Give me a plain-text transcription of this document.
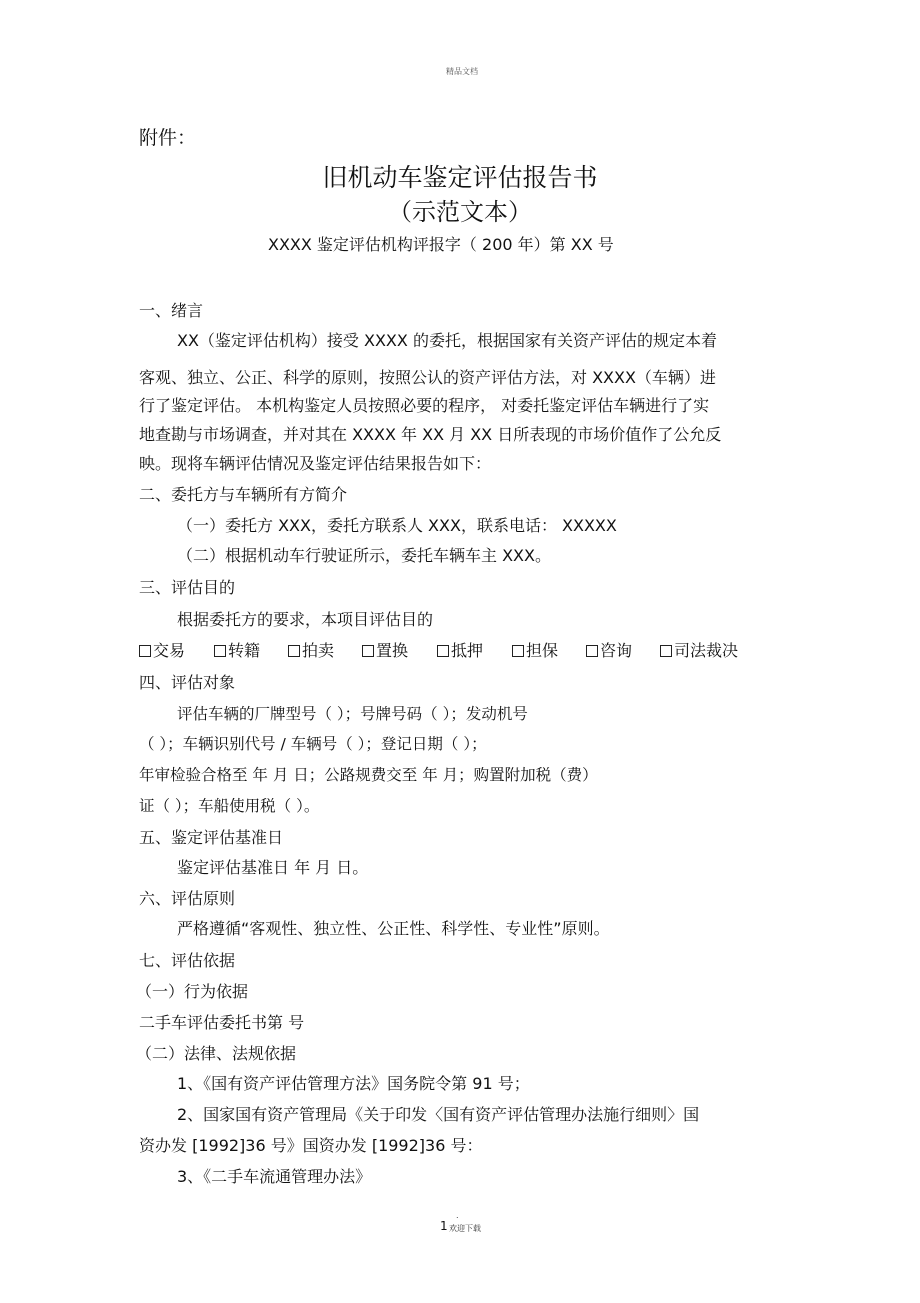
精品文档
附件：
旧机动车鉴定评估报告书
（示范文本）
XXXX 鉴定评估机构评报字（ 200 年）第 XX 号
一、绪言
XX（鉴定评估机构）接受 XXXX 的委托，根据国家有关资产评估的规定本着
客观、独立、公正、科学的原则，按照公认的资产评估方法，对 XXXX（车辆）进
行了鉴定评估。 本机构鉴定人员按照必要的程序， 对委托鉴定评估车辆进行了实
地查勘与市场调查，并对其在 XXXX 年 XX 月 XX 日所表现的市场价值作了公允反
映。现将车辆评估情况及鉴定评估结果报告如下：
二、委托方与车辆所有方简介
（一）委托方 XXX，委托方联系人 XXX，联系电话： XXXXX
（二）根据机动车行驶证所示，委托车辆车主 XXX。
三、评估目的
根据委托方的要求，本项目评估目的
交易	转籍	拍卖	置换	抵押	担保	咨询	司法裁决
四、评估对象
评估车辆的厂牌型号（ ）；号牌号码（ ）；发动机号
（ ）；车辆识别代号 / 车辆号（ ）；登记日期（ ）；
年审检验合格至 年 月 日；公路规费交至 年 月；购置附加税（费）
证（ ）；车船使用税（ ）。
五、鉴定评估基准日
鉴定评估基准日 年 月 日。
六、评估原则
严格遵循“客观性、独立性、公正性、科学性、专业性”原则。
七、评估依据
（一）行为依据
二手车评估委托书第 号
（二）法律、法规依据
1、《国有资产评估管理方法》国务院令第 91 号；
2、国家国有资产管理局《关于印发〈国有资产评估管理办法施行细则〉国
资办发 [1992]36 号》国资办发 [1992]36 号：
3、《二手车流通管理办法》
.
1 欢迎下载
